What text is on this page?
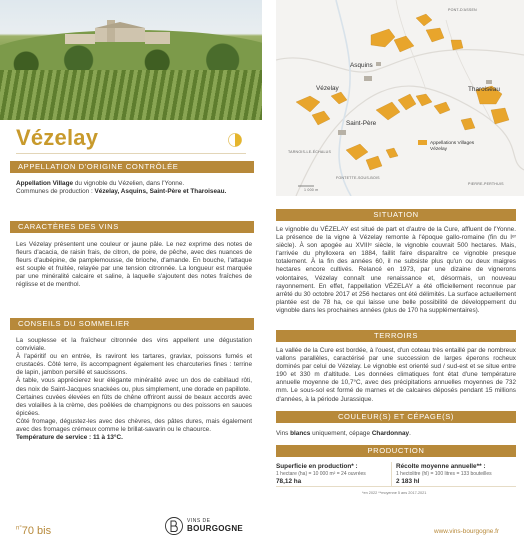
Vézelay
APPELLATION D'ORIGINE CONTRÔLÉE

Appellation Village du vignoble du Vézelien, dans l'Yonne.

Communes de production : Vézelay, Asquins, Saint-Père et Tharoiseau.

CARACTÈRES DES VINS
Les Vézelay présentent une couleur or jaune pâle. Le nez exprime des notes de fleurs d'acacia, de raisin frais, de citron, de poire, de pêche, avec des nuances de fleurs d'aubépine, de pamplemousse, de brioche, d'amande. En bouche, l'attaque est souple et fruitée, relayée par une tension citronnée. La longueur est marquée par une minéralité calcaire et saline, à laquelle s'ajoutent des notes fraîches de réglisse et de menthol.
CONSEILS DU SOMMELIER

La souplesse et la fraîcheur citronnée des vins appellent une dégustation conviviale.

À l'apéritif ou en entrée, ils raviront les tartares, gravlax, poissons fumés et crustacés. Côté terre, ils accompagnent également les charcuteries fines : terrine de lapin, jambon persillé et saucissons.

À table, vous apprécierez leur élégante minéralité avec un dos de cabillaud rôti, des noix de Saint-Jacques snackées ou, plus simplement, une dorade en papillote.

Certaines cuvées élevées en fûts de chêne offriront aussi de beaux accords avec des volailles à la crème, des poêlées de champignons ou des poissons en sauces épicées.

Côté fromage, dégustez-les avec des chèvres, des pâtes dures, mais également avec des fromages crémeux comme le brillat-savarin ou le chaource.

Température de service : 11 à 13°C.

Asquins
Vézelay	Tharoiseau
Saint-Père
PONT-D'ASSEN
PIERRE-PERTHUIS
FONTETTE-SOUS-BOIS
TARNOIS-LE-ÉCHALUS
1 000 m
Appellations Villages
Vézelay
SITUATION
Le vignoble du VÉZELAY est situé de part et d'autre de la Cure, affluent de l'Yonne. La présence de la vigne à Vézelay remonte à l'époque gallo-romaine (fin du Iᵉʳ siècle). À son apogée au XVIIIᵉ siècle, le vignoble couvrait 500 hectares. Mais, l'arrivée du phylloxera en 1884, faillit faire disparaître ce vignoble presque totalement. À la fin des années 60, il ne subsiste plus qu'un ou deux maigres hectares encore cultivés. Relancé en 1973, par une dizaine de vignerons volontaires, Vézelay connaît une renaissance et, désormais, un nouveau rayonnement. En effet, l'appellation VÉZELAY a été officiellement reconnue par arrêté du 30 octobre 2017 et 256 hectares ont été délimités. La surface actuellement plantée est de 78 ha, ce qui laisse une belle possibilité de développement du vignoble dans les prochaines années (plus de 170 ha supplémentaires).
TERROIRS
La vallée de la Cure est bordée, à l'ouest, d'un coteau très entaillé par de nombreux vallons parallèles, caractérisé par une succession de larges éperons rocheux dominés par celui de Vézelay. Le vignoble est orienté sud / sud-est et se situe entre 190 et 330 m d'altitude. Les données climatiques font état d'une température annuelle moyenne de 10,7°C, avec des précipitations annuelles moyennes de 732 mm. Le sous-sol est formé de marnes et de calcaires déposés pendant 15 millions d'années, à la période Jurassique.
COULEUR(S) ET CÉPAGE(S)
Vins blancs uniquement, cépage Chardonnay.
PRODUCTION

Superficie en production* :

1 hectare (ha) = 10 000 m² = 24 ouvrées

78,12 ha

Récolte moyenne annuelle** :

1 hectolitre (hl) = 100 litres = 133 bouteilles

2 183 hl

*en 2022 **moyenne 5 ans 2017-2021
$^{n^\circ}$70 bis
VINS DE
BOURGOGNE	www.vins-bourgogne.fr
